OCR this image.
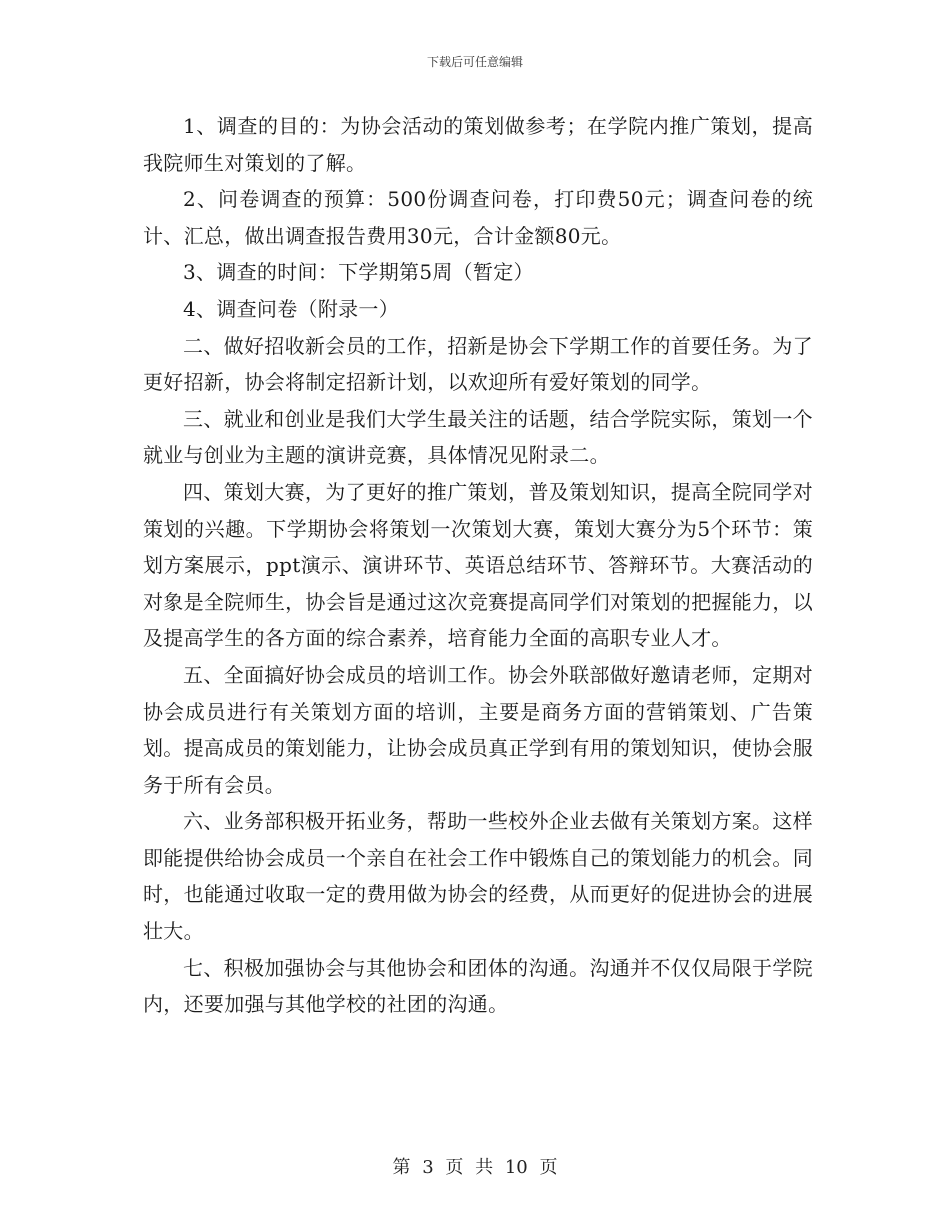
下载后可任意编辑

1、调查的目的：为协会活动的策划做参考；在学院内推广策划，提高我院师生对策划的了解。

2、问卷调查的预算：500份调查问卷，打印费50元；调查问卷的统计、汇总，做出调查报告费用30元，合计金额80元。

3、调查的时间：下学期第5周（暂定）

4、调查问卷（附录一）

二、做好招收新会员的工作，招新是协会下学期工作的首要任务。为了更好招新，协会将制定招新计划，以欢迎所有爱好策划的同学。

三、就业和创业是我们大学生最关注的话题，结合学院实际，策划一个就业与创业为主题的演讲竞赛，具体情况见附录二。

四、策划大赛，为了更好的推广策划，普及策划知识，提高全院同学对策划的兴趣。下学期协会将策划一次策划大赛，策划大赛分为5个环节：策划方案展示，ppt演示、演讲环节、英语总结环节、答辩环节。大赛活动的对象是全院师生，协会旨是通过这次竞赛提高同学们对策划的把握能力，以及提高学生的各方面的综合素养，培育能力全面的高职专业人才。

五、全面搞好协会成员的培训工作。协会外联部做好邀请老师，定期对协会成员进行有关策划方面的培训，主要是商务方面的营销策划、广告策划。提高成员的策划能力，让协会成员真正学到有用的策划知识，使协会服务于所有会员。

六、业务部积极开拓业务，帮助一些校外企业去做有关策划方案。这样即能提供给协会成员一个亲自在社会工作中锻炼自己的策划能力的机会。同时，也能通过收取一定的费用做为协会的经费，从而更好的促进协会的进展壮大。

七、积极加强协会与其他协会和团体的沟通。沟通并不仅仅局限于学院内，还要加强与其他学校的社团的沟通。

第 3 页 共 10 页
